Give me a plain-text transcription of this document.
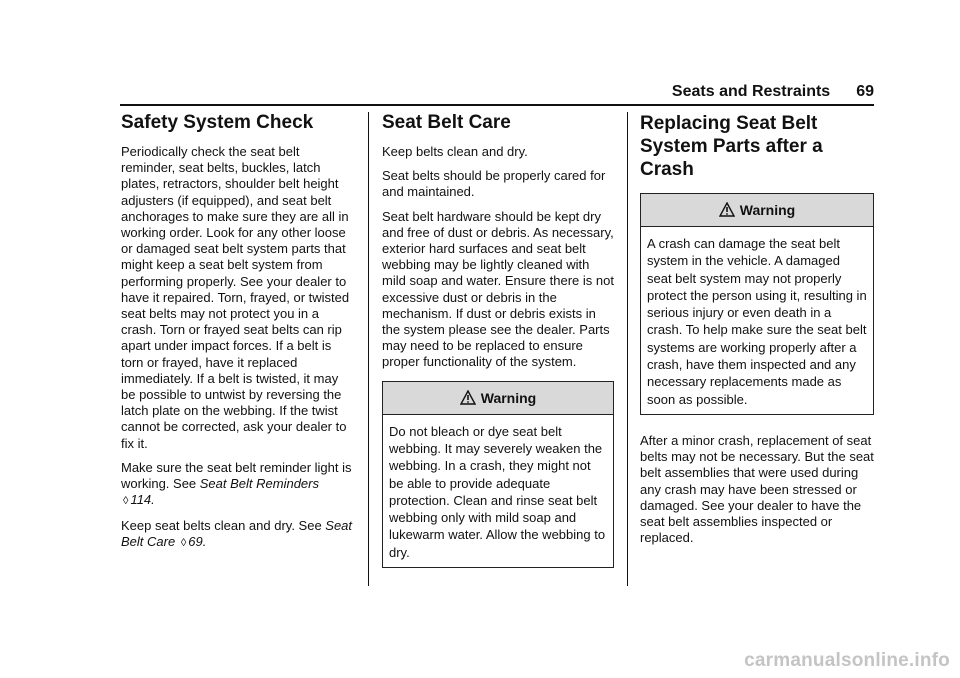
Seats and Restraints 69
Safety System Check

Periodically check the seat belt reminder, seat belts, buckles, latch plates, retractors, shoulder belt height adjusters (if equipped), and seat belt anchorages to make sure they are all in working order. Look for any other loose or damaged seat belt system parts that might keep a seat belt system from performing properly. See your dealer to have it repaired. Torn, frayed, or twisted seat belts may not protect you in a crash. Torn or frayed seat belts can rip apart under impact forces. If a belt is torn or frayed, have it replaced immediately. If a belt is twisted, it may be possible to untwist by reversing the latch plate on the webbing. If the twist cannot be corrected, ask your dealer to fix it.

Make sure the seat belt reminder light is working. See Seat Belt Reminders ◊ 114.

Keep seat belts clean and dry. See Seat Belt Care ◊ 69.

Seat Belt Care

Keep belts clean and dry.

Seat belts should be properly cared for and maintained.

Seat belt hardware should be kept dry and free of dust or debris. As necessary, exterior hard surfaces and seat belt webbing may be lightly cleaned with mild soap and water. Ensure there is not excessive dust or debris in the mechanism. If dust or debris exists in the system please see the dealer. Parts may need to be replaced to ensure proper functionality of the system.

Warning
Do not bleach or dye seat belt webbing. It may severely weaken the webbing. In a crash, they might not be able to provide adequate protection. Clean and rinse seat belt webbing only with mild soap and lukewarm water. Allow the webbing to dry.
Replacing Seat Belt System Parts after a Crash
Warning
A crash can damage the seat belt system in the vehicle. A damaged seat belt system may not properly protect the person using it, resulting in serious injury or even death in a crash. To help make sure the seat belt systems are working properly after a crash, have them inspected and any necessary replacements made as soon as possible.

After a minor crash, replacement of seat belts may not be necessary. But the seat belt assemblies that were used during any crash may have been stressed or damaged. See your dealer to have the seat belt assemblies inspected or replaced.

carmanualsonline.info
